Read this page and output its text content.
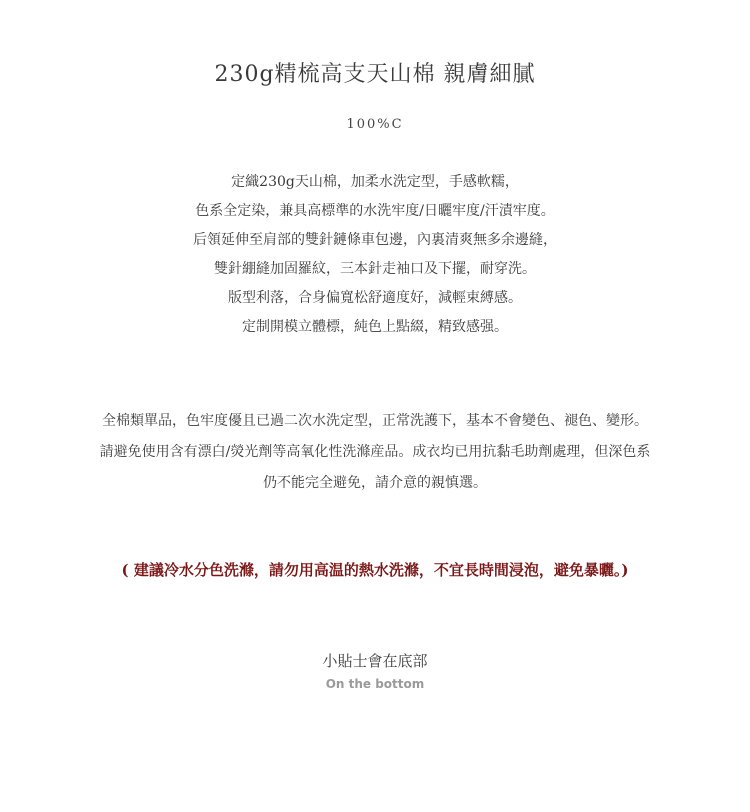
230g精梳高支天山棉 親膚細膩
100%C
定織230g天山棉，加柔水洗定型，手感軟糯，
色系全定染，兼具高標準的水洗牢度/日曬牢度/汗漬牢度。
后領延伸至肩部的雙針鏈條車包邊，內裏清爽無多余邊縫，
雙針綳縫加固羅紋，三本針走袖口及下擺，耐穿洗。
版型利落，合身偏寬松舒適度好，減輕束縛感。
定制開模立體標，純色上點綴，精致感强。
全棉類單品，色牢度優且已過二次水洗定型，正常洗護下，基本不會變色、褪色、變形。
請避免使用含有漂白/熒光劑等高氧化性洗滌産品。成衣均已用抗黏毛助劑處理，但深色系
仍不能完全避免，請介意的親慎選。
( 建議冷水分色洗滌，請勿用高温的熱水洗滌，不宜長時間浸泡，避免暴曬。)
小貼士會在底部
On the bottom
